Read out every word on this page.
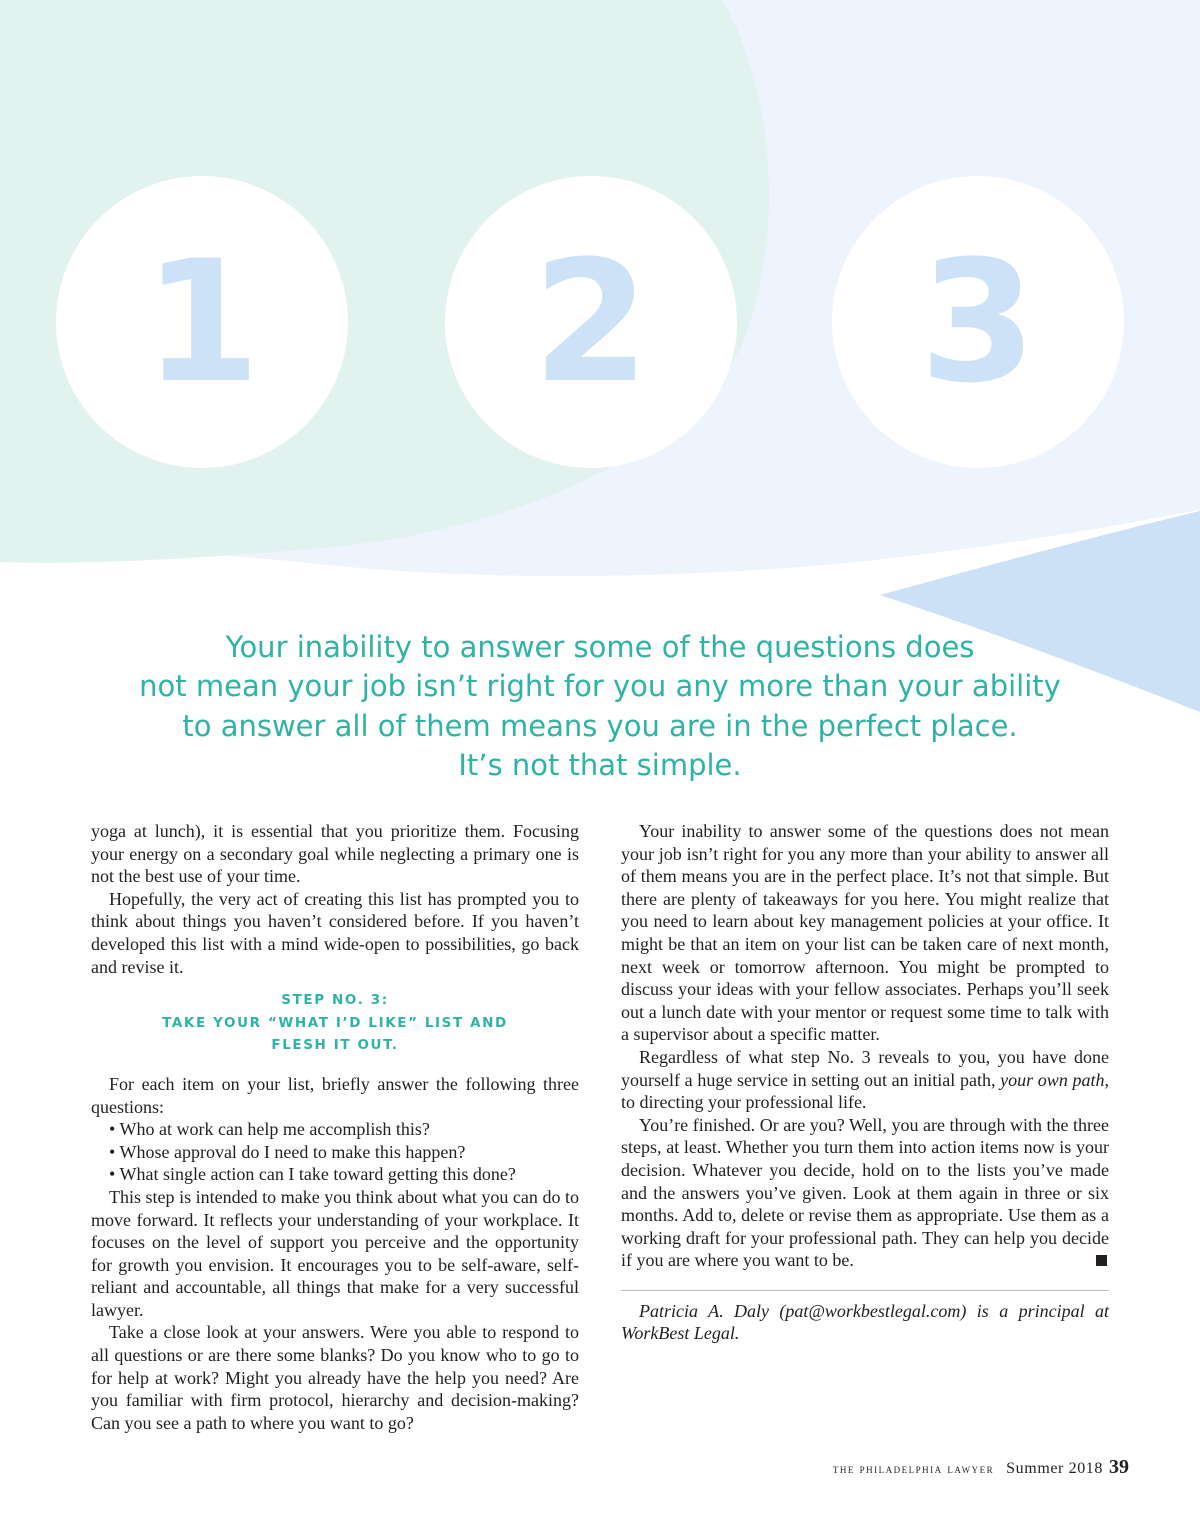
1	2	3
Your inability to answer some of the questions does
not mean your job isn’t right for you any more than your ability
to answer all of them means you are in the perfect place.
It’s not that simple.

yoga at lunch), it is essential that you prioritize them. Focusing your energy on a secondary goal while neglecting a primary one is not the best use of your time.

Hopefully, the very act of creating this list has prompted you to think about things you haven’t considered before. If you haven’t developed this list with a mind wide-open to possibilities, go back and revise it.

STEP NO. 3:
TAKE YOUR “WHAT I’D LIKE” LIST AND
FLESH IT OUT.

For each item on your list, briefly answer the following three questions:

• Who at work can help me accomplish this?

• Whose approval do I need to make this happen?

• What single action can I take toward getting this done?

This step is intended to make you think about what you can do to move forward. It reflects your understanding of your workplace. It focuses on the level of support you perceive and the opportunity for growth you envision. It encourages you to be self-aware, self-reliant and accountable, all things that make for a very successful lawyer.

Take a close look at your answers. Were you able to respond to all questions or are there some blanks? Do you know who to go to for help at work? Might you already have the help you need? Are you familiar with firm protocol, hierarchy and decision-making? Can you see a path to where you want to go?

Your inability to answer some of the questions does not mean your job isn’t right for you any more than your ability to answer all of them means you are in the perfect place. It’s not that simple. But there are plenty of takeaways for you here. You might realize that you need to learn about key management policies at your office. It might be that an item on your list can be taken care of next month, next week or tomorrow afternoon. You might be prompted to discuss your ideas with your fellow associates. Perhaps you’ll seek out a lunch date with your mentor or request some time to talk with a supervisor about a specific matter.

Regardless of what step No. 3 reveals to you, you have done yourself a huge service in setting out an initial path, your own path, to directing your professional life.

You’re finished. Or are you? Well, you are through with the three steps, at least. Whether you turn them into action items now is your decision. Whatever you decide, hold on to the lists you’ve made and the answers you’ve given. Look at them again in three or six months. Add to, delete or revise them as appropriate. Use them as a working draft for your professional path. They can help you decide if you are where you want to be.

Patricia A. Daly (pat@workbestlegal.com) is a principal at WorkBest Legal.

the philadelphia lawyer Summer 2018 39
